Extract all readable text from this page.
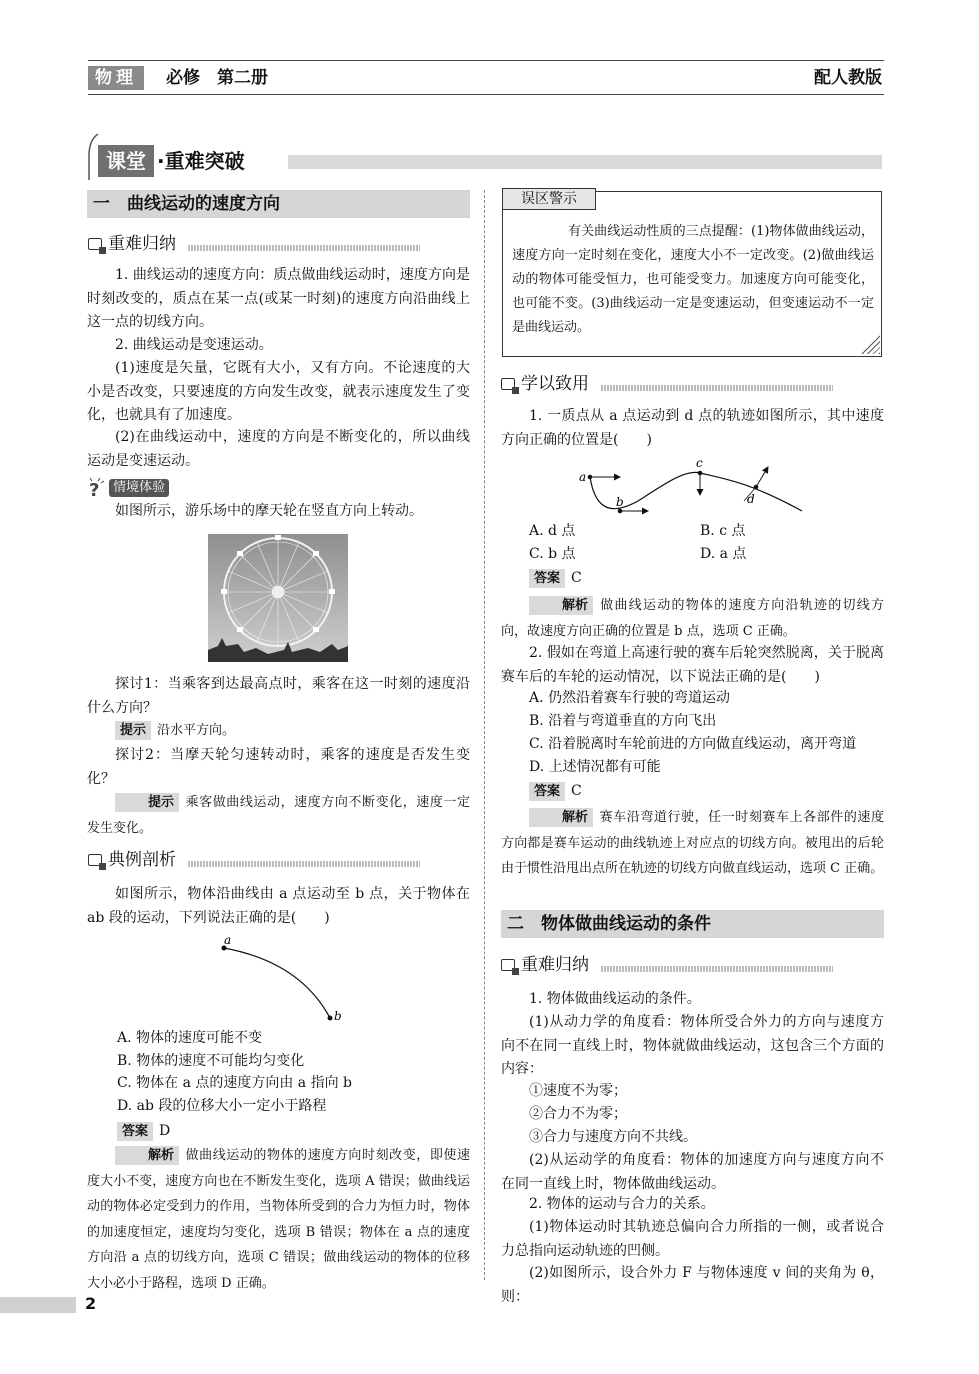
物理	必修　第二册	配人教版
课堂 ·重难突破
一　曲线运动的速度方向
重难归纳
1. 曲线运动的速度方向：质点做曲线运动时，速度方向是时刻改变的，质点在某一点(或某一时刻)的速度方向沿曲线上这一点的切线方向。
2. 曲线运动是变速运动。
(1)速度是矢量，它既有大小，又有方向。不论速度的大小是否改变，只要速度的方向发生改变，就表示速度发生了变化，也就具有了加速度。
(2)在曲线运动中，速度的方向是不断变化的，所以曲线运动是变速运动。
? 情境体验
如图所示，游乐场中的摩天轮在竖直方向上转动。
探讨1：当乘客到达最高点时，乘客在这一时刻的速度沿什么方向？
提示 沿水平方向。
探讨2：当摩天轮匀速转动时，乘客的速度是否发生变化？
提示 乘客做曲线运动，速度方向不断变化，速度一定发生变化。
典例剖析
如图所示，物体沿曲线由 a 点运动至 b 点，关于物体在 ab 段的运动，下列说法正确的是(　　)
a
b
A. 物体的速度可能不变
B. 物体的速度不可能均匀变化
C. 物体在 a 点的速度方向由 a 指向 b
D. ab 段的位移大小一定小于路程
答案 D
解析 做曲线运动的物体的速度方向时刻改变，即使速度大小不变，速度方向也在不断发生变化，选项 A 错误；做曲线运动的物体必定受到力的作用，当物体所受到的合力为恒力时，物体的加速度恒定，速度均匀变化，选项 B 错误；物体在 a 点的速度方向沿 a 点的切线方向，选项 C 错误；做曲线运动的物体的位移大小必小于路程，选项 D 正确。
误区警示
有关曲线运动性质的三点提醒：(1)物体做曲线运动，速度方向一定时刻在变化，速度大小不一定改变。(2)做曲线运动的物体可能受恒力，也可能受变力。加速度方向可能变化，也可能不变。(3)曲线运动一定是变速运动，但变速运动不一定是曲线运动。
学以致用
1. 一质点从 a 点运动到 d 点的轨迹如图所示，其中速度方向正确的位置是(　　)
a
b
c
d
A. d 点	B. c 点
C. b 点	D. a 点
答案 C
解析 做曲线运动的物体的速度方向沿轨迹的切线方向，故速度方向正确的位置是 b 点，选项 C 正确。
2. 假如在弯道上高速行驶的赛车后轮突然脱离，关于脱离赛车后的车轮的运动情况，以下说法正确的是(　　)
A. 仍然沿着赛车行驶的弯道运动
B. 沿着与弯道垂直的方向飞出
C. 沿着脱离时车轮前进的方向做直线运动，离开弯道
D. 上述情况都有可能
答案 C
解析 赛车沿弯道行驶，任一时刻赛车上各部件的速度方向都是赛车运动的曲线轨迹上对应点的切线方向。被甩出的后轮由于惯性沿甩出点所在轨迹的切线方向做直线运动，选项 C 正确。
二　物体做曲线运动的条件
重难归纳
1. 物体做曲线运动的条件。
(1)从动力学的角度看：物体所受合外力的方向与速度方向不在同一直线上时，物体就做曲线运动，这包含三个方面的内容：
①速度不为零；
②合力不为零；
③合力与速度方向不共线。
(2)从运动学的角度看：物体的加速度方向与速度方向不在同一直线上时，物体做曲线运动。
2. 物体的运动与合力的关系。
(1)物体运动时其轨迹总偏向合力所指的一侧，或者说合力总指向运动轨迹的凹侧。
(2)如图所示，设合外力 F 与物体速度 v 间的夹角为 θ，则：
2
